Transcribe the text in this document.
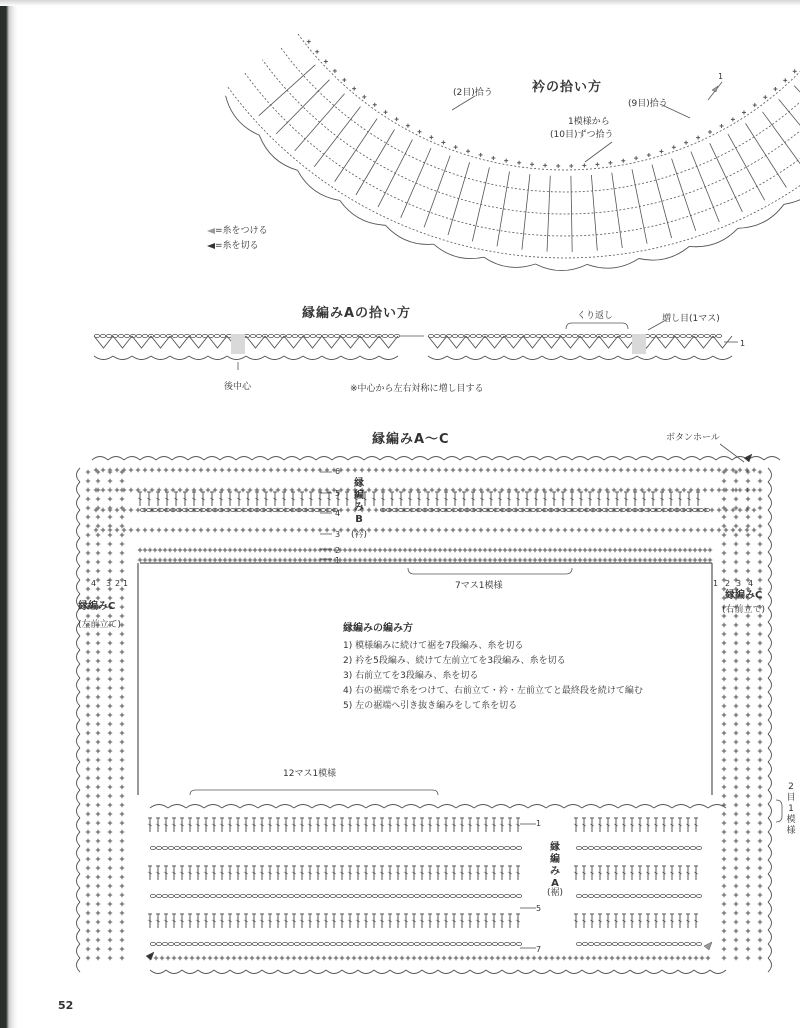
衿の拾い方
(2目)拾う
(9目)拾う
1模様から
(10目)ずつ拾う
1
=糸をつける
=糸を切る
縁編みAの拾い方	くり返し	増し目(1マス)
後中心	※中心から左右対称に増し目する
1
縁編みA～C	ボタンホール
6
5
4
3
2
1
縁編みB
(衿)
7マス1模様
縁編みC
(左前立て)
縁編みC
(右前立て)
4 3 2 1	1 2 3 4
縁編みの編み方
1) 模様編みに続けて裾を7段編み、糸を切る
2) 衿を5段編み、続けて左前立てを3段編み、糸を切る
3) 右前立てを3段編み、糸を切る
4) 右の裾端で糸をつけて、右前立て・衿・左前立てと最終段を続けて編む
5) 左の裾端へ引き抜き編みをして糸を切る
12マス1模様
縁編みA
(裾)
1
5
7
2目1模様
52
